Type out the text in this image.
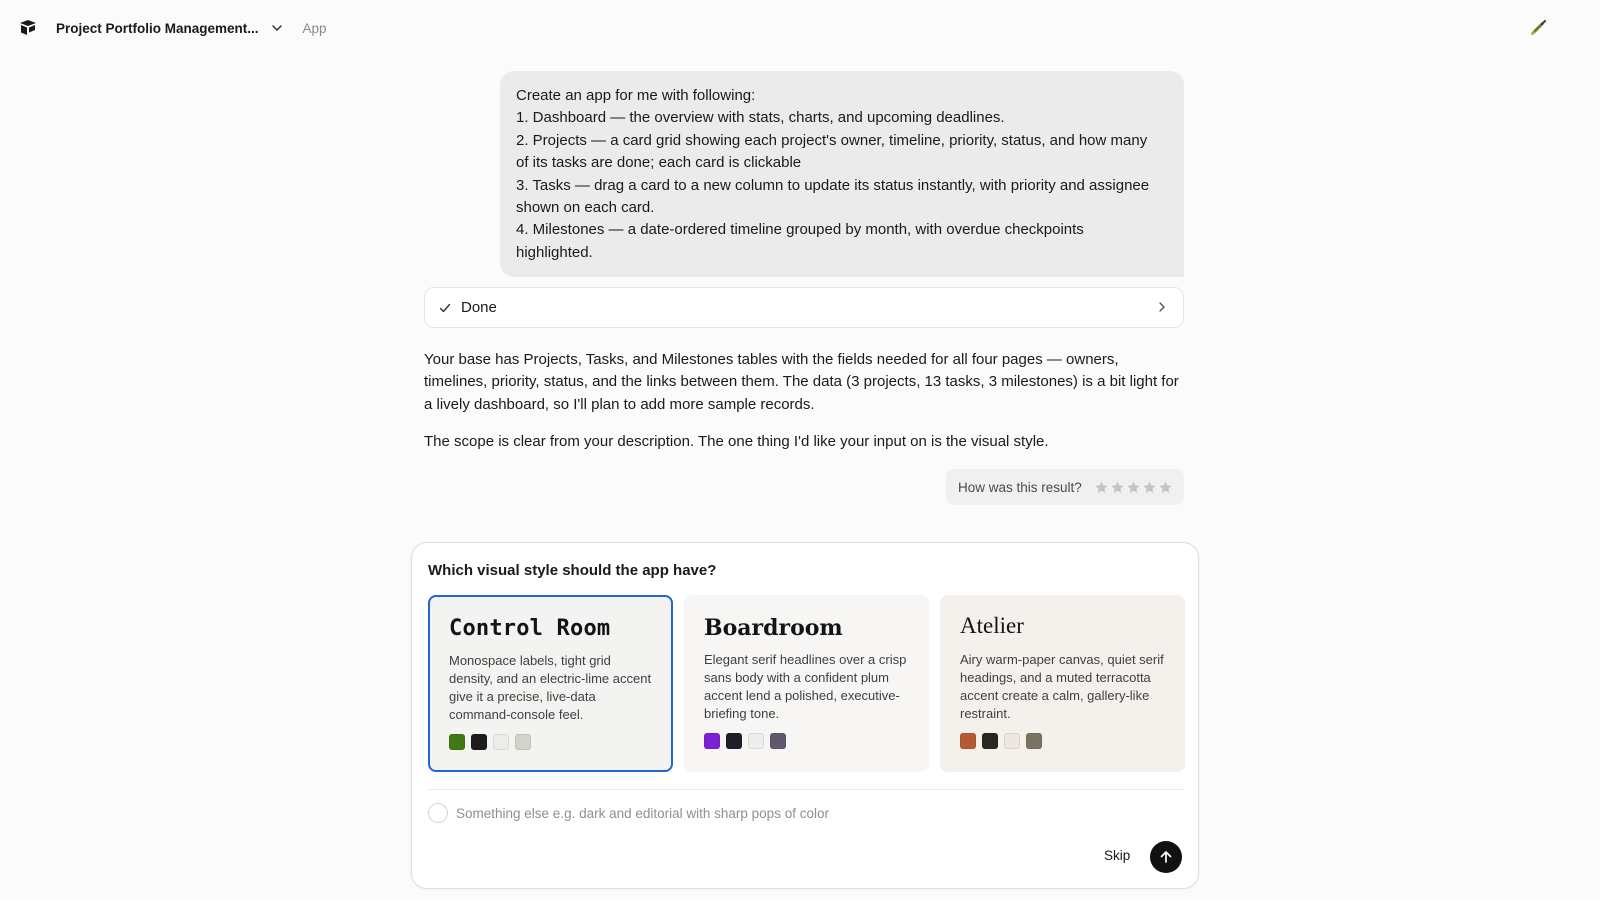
Project Portfolio Management...	App
Create an app for me with following:
1. Dashboard — the overview with stats, charts, and upcoming deadlines.
2. Projects — a card grid showing each project's owner, timeline, priority, status, and how many
of its tasks are done; each card is clickable
3. Tasks — drag a card to a new column to update its status instantly, with priority and assignee
shown on each card.
4. Milestones — a date-ordered timeline grouped by month, with overdue checkpoints
highlighted.
Done

Your base has Projects, Tasks, and Milestones tables with the fields needed for all four pages — owners, timelines, priority, status, and the links between them. The data (3 projects, 13 tasks, 3 milestones) is a bit light for a lively dashboard, so I'll plan to add more sample records.

The scope is clear from your description. The one thing I'd like your input on is the visual style.

How was this result?
Which visual style should the app have?
Control Room
Monospace labels, tight grid density, and an electric-lime accent give it a precise, live-data command-console feel.
Boardroom
Elegant serif headlines over a crisp sans body with a confident plum accent lend a polished, executive-briefing tone.
Atelier
Airy warm-paper canvas, quiet serif headings, and a muted terracotta accent create a calm, gallery-like restraint.
Something else e.g. dark and editorial with sharp pops of color
Skip
